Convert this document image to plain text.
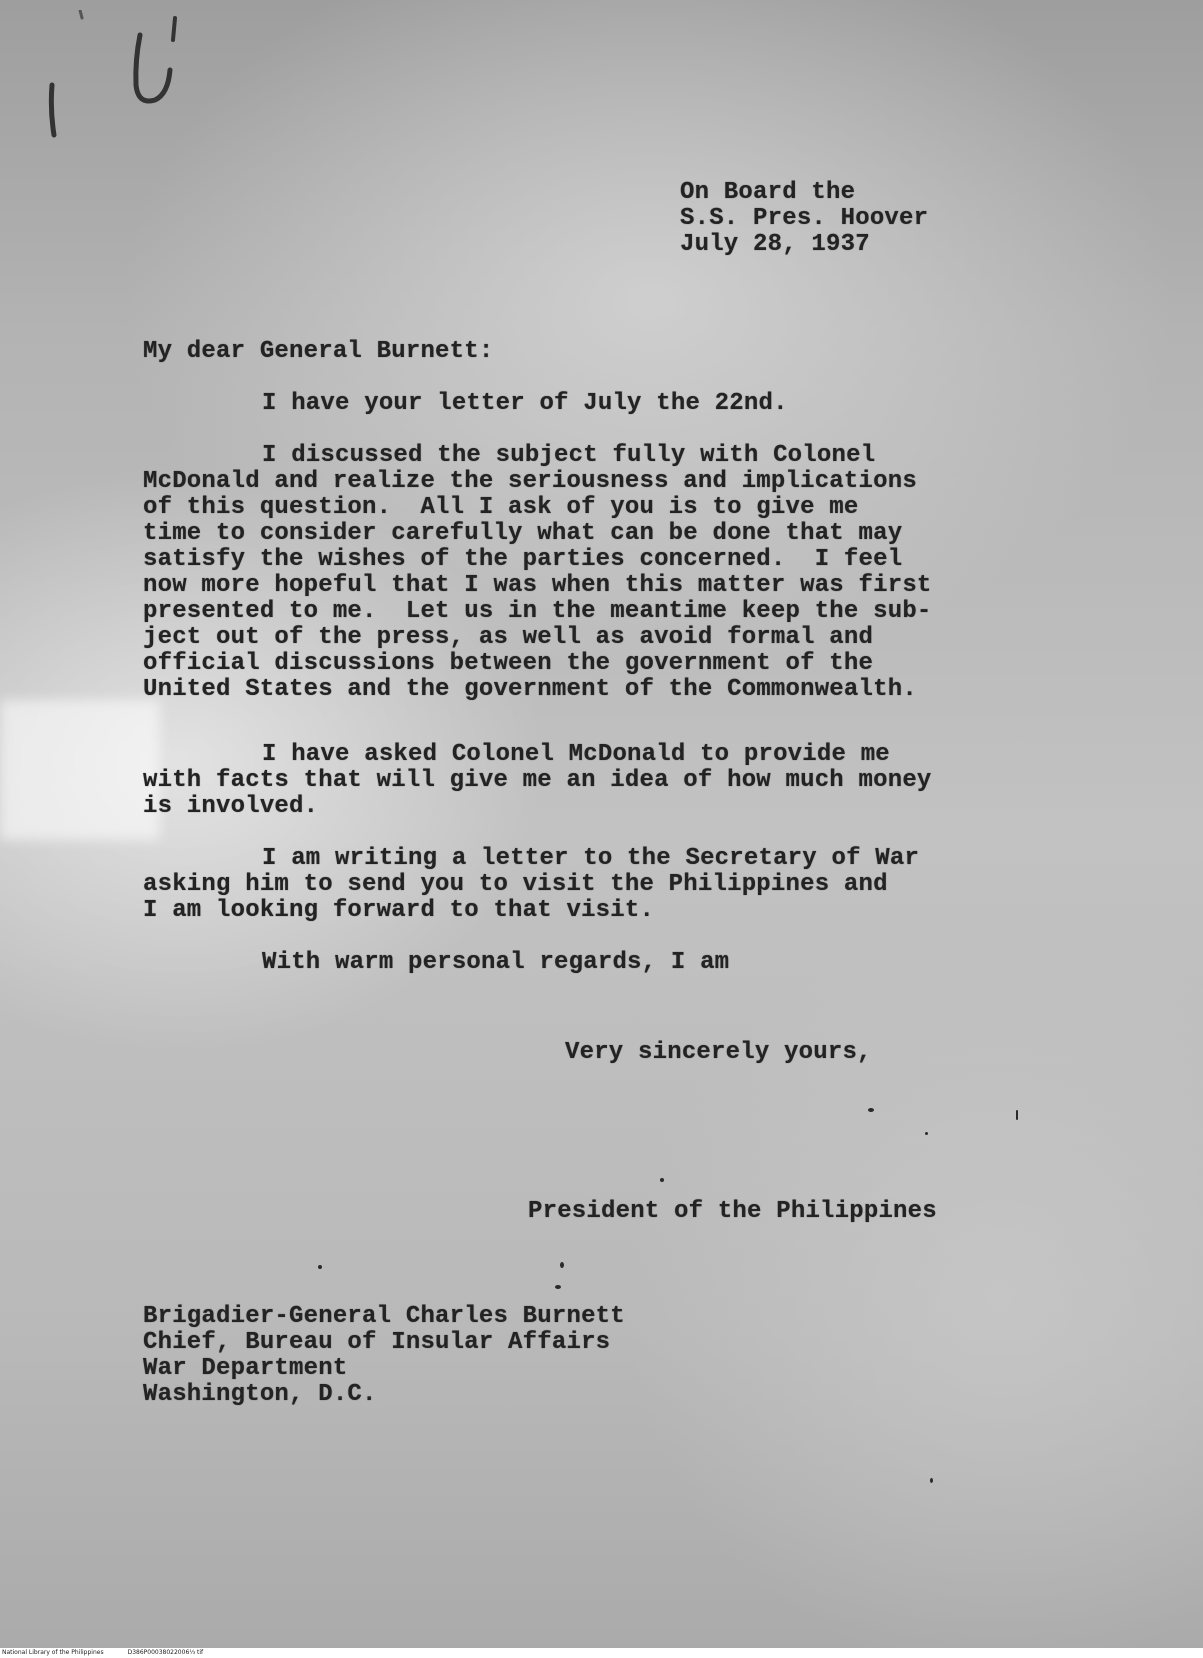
On Board the
S.S. Pres. Hoover
July 28, 1937
My dear General Burnett:
I have your letter of July the 22nd.
I discussed the subject fully with Colonel
McDonald and realize the seriousness and implications
of this question.  All I ask of you is to give me
time to consider carefully what can be done that may
satisfy the wishes of the parties concerned.  I feel
now more hopeful that I was when this matter was first
presented to me.  Let us in the meantime keep the sub-
ject out of the press, as well as avoid formal and
official discussions between the government of the
United States and the government of the Commonwealth.
I have asked Colonel McDonald to provide me
with facts that will give me an idea of how much money
is involved.
I am writing a letter to the Secretary of War
asking him to send you to visit the Philippines and
I am looking forward to that visit.
With warm personal regards, I am
Very sincerely yours,
President of the Philippines
Brigadier-General Charles Burnett
Chief, Bureau of Insular Affairs
War Department
Washington, D.C.
National Library of the Philippines	D386P00038022006⅓ tif
